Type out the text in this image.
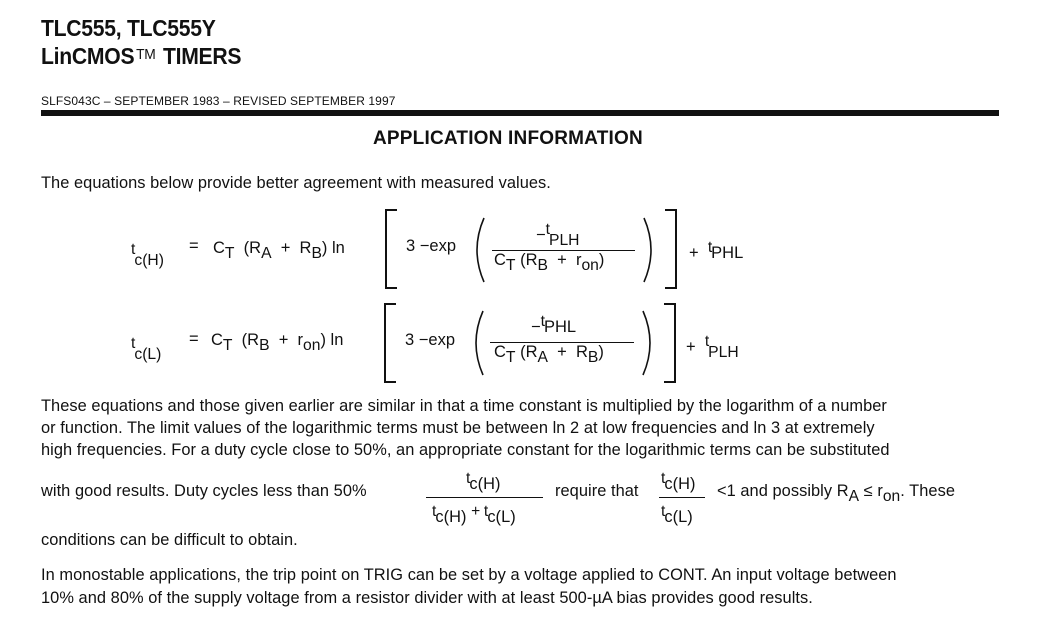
TLC555, TLC555Y
LinCMOS ™ TIMERS
SLFS043C – SEPTEMBER 1983 – REVISED SEPTEMBER 1997
APPLICATION INFORMATION
The equations below provide better agreement with measured values.
$t_{c(H)}$
= $C_T$ $(R_A + R_B)$ ln	3 −exp
$-t_{PLH}$
$C_T$ $(R_B + r_{on})$	+ tPHL
$t_{c(L)}$
= $C_T$ $(R_B + r_{on})$ ln	3 −exp
−tPHL
$C_T$ $(R_A + R_B)$	+ $t_{PLH}$
These equations and those given earlier are similar in that a time constant is multiplied by the logarithm of a number
or function. The limit values of the logarithmic terms must be between ln 2 at low frequencies and ln 3 at extremely
high frequencies. For a duty cycle close to 50%, an appropriate constant for the logarithmic terms can be substituted
with good results. Duty cycles less than 50%
tc(H)
tc(H) + tc(L)
require that
tc(H)
tc(L)
<1 and possibly $R_A \le r_{on}$. These
conditions can be difficult to obtain.
In monostable applications, the trip point on TRIG can be set by a voltage applied to CONT. An input voltage between
10% and 80% of the supply voltage from a resistor divider with at least 500-µA bias provides good results.
